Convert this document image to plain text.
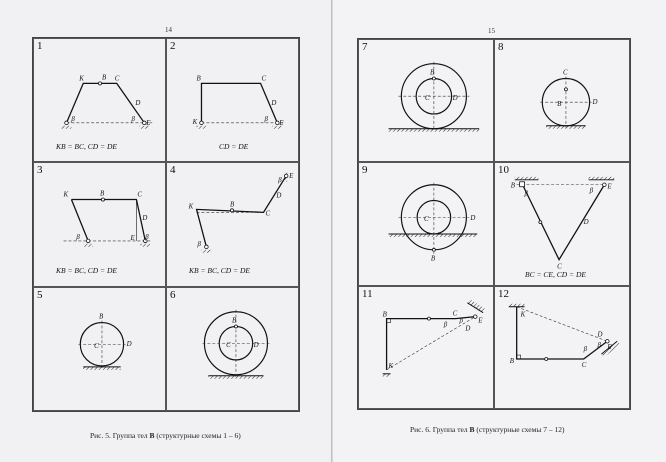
14
1
K	B C
D
E
β	β
KB = BC, CD = DE
2
B	C
D
E
K	β
CD = DE
3
K	B	C
D
E
β	β
KB = BC, CD = DE
4
K	B
C
D
E
β
β
KB = BC, CD = DE
5
B
C	D
6
B
C	D
Рис. 5. Группа тел В (структурные схемы 1 – 6)
15
7
B
C	D
8
C
B	D
9
C	D
B
10
B
β	β
E
D
C
BC = CE, CD = DE
11
K
B	C
D
E
β
β
12
K
B
C
D
E
β
β
Рис. 6. Группа тел В (структурные схемы 7 – 12)
